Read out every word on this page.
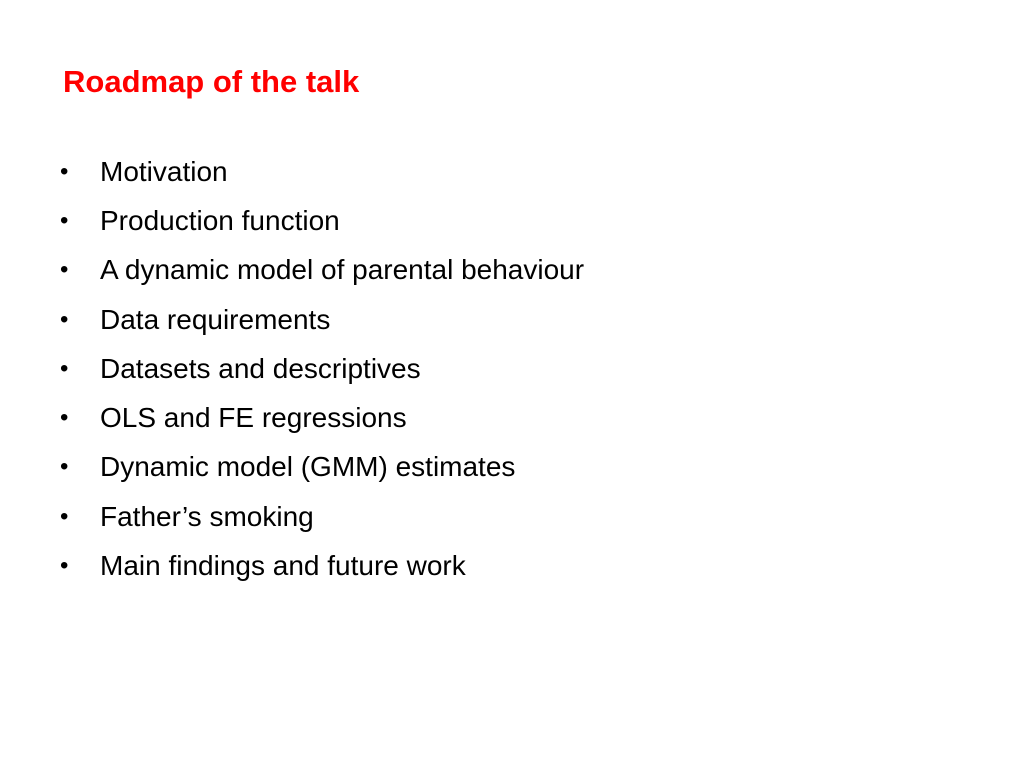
Roadmap of the talk
•	Motivation
•	Production function
•	A dynamic model of parental behaviour
•	Data requirements
•	Datasets and descriptives
•	OLS and FE regressions
•	Dynamic model (GMM) estimates
•	Father’s smoking
•	Main findings and future work
